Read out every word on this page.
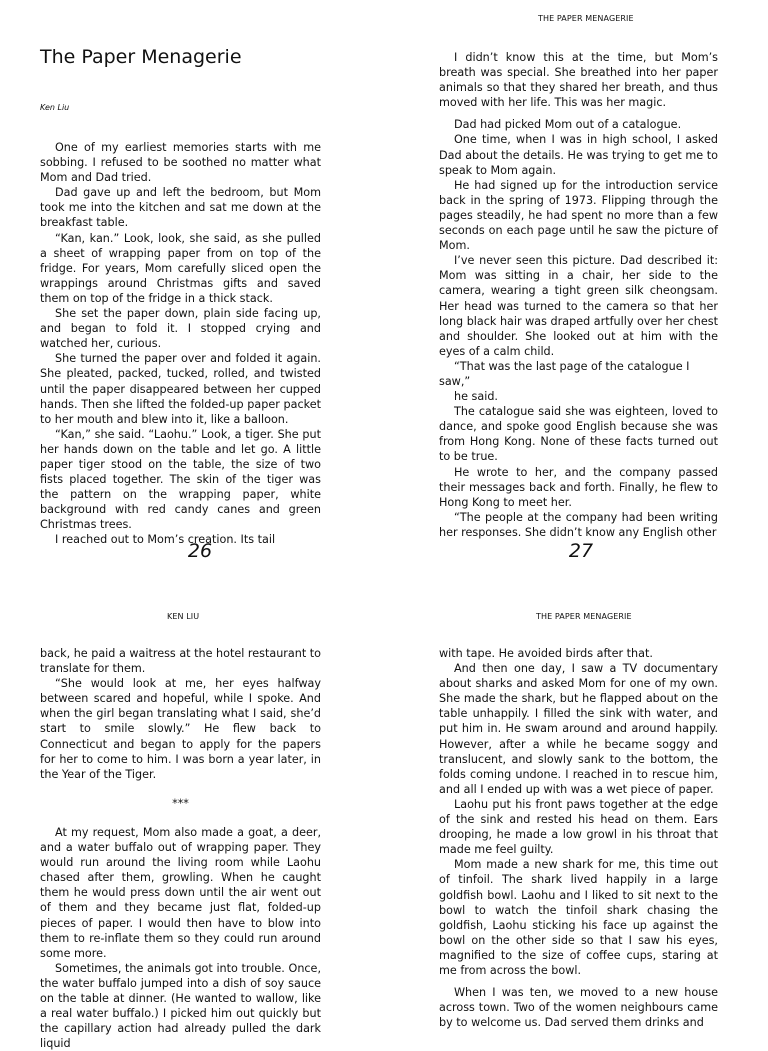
The Paper Menagerie
Ken Liu

One of my earliest memories starts with me sobbing. I refused to be soothed no matter what Mom and Dad tried.

Dad gave up and left the bedroom, but Mom took me into the kitchen and sat me down at the breakfast table.

“Kan, kan.” Look, look, she said, as she pulled a sheet of wrapping paper from on top of the fridge. For years, Mom carefully sliced open the wrappings around Christmas gifts and saved them on top of the fridge in a thick stack.

She set the paper down, plain side facing up, and began to fold it. I stopped crying and watched her, curious.

She turned the paper over and folded it again. She pleated, packed, tucked, rolled, and twisted until the paper disappeared between her cupped hands. Then she lifted the folded-up paper packet to her mouth and blew into it, like a balloon.

“Kan,” she said. “Laohu.” Look, a tiger. She put her hands down on the table and let go. A little paper tiger stood on the table, the size of two fists placed together. The skin of the tiger was the pattern on the wrapping paper, white background with red candy canes and green Christmas trees.

I reached out to Mom’s creation. Its tail

26
THE PAPER MENAGERIE

I didn’t know this at the time, but Mom’s breath was special. She breathed into her paper animals so that they shared her breath, and thus moved with her life. This was her magic.

Dad had picked Mom out of a catalogue.

One time, when I was in high school, I asked Dad about the details. He was trying to get me to speak to Mom again.

He had signed up for the introduction service back in the spring of 1973. Flipping through the pages steadily, he had spent no more than a few seconds on each page until he saw the picture of Mom.

I’ve never seen this picture. Dad described it: Mom was sitting in a chair, her side to the camera, wearing a tight green silk cheongsam. Her head was turned to the camera so that her long black hair was draped artfully over her chest and shoulder. She looked out at him with the eyes of a calm child.

“That was the last page of the catalogue I saw,”

he said.

The catalogue said she was eighteen, loved to dance, and spoke good English because she was from Hong Kong. None of these facts turned out to be true.

He wrote to her, and the company passed their messages back and forth. Finally, he flew to Hong Kong to meet her.

“The people at the company had been writing her responses. She didn’t know any English other

27
KEN LIU

back, he paid a waitress at the hotel restaurant to translate for them.

“She would look at me, her eyes halfway between scared and hopeful, while I spoke. And when the girl began translating what I said, she’d start to smile slowly.” He flew back to Connecticut and began to apply for the papers for her to come to him. I was born a year later, in the Year of the Tiger.

***

At my request, Mom also made a goat, a deer, and a water buffalo out of wrapping paper. They would run around the living room while Laohu chased after them, growling. When he caught them he would press down until the air went out of them and they became just flat, folded-up pieces of paper. I would then have to blow into them to re-inflate them so they could run around some more.

Sometimes, the animals got into trouble. Once, the water buffalo jumped into a dish of soy sauce on the table at dinner. (He wanted to wallow, like a real water buffalo.) I picked him out quickly but the capillary action had already pulled the dark liquid

THE PAPER MENAGERIE

with tape. He avoided birds after that.

And then one day, I saw a TV documentary about sharks and asked Mom for one of my own. She made the shark, but he flapped about on the table unhappily. I filled the sink with water, and put him in. He swam around and around happily. However, after a while he became soggy and translucent, and slowly sank to the bottom, the folds coming undone. I reached in to rescue him, and all I ended up with was a wet piece of paper.

Laohu put his front paws together at the edge of the sink and rested his head on them. Ears drooping, he made a low growl in his throat that made me feel guilty.

Mom made a new shark for me, this time out of tinfoil. The shark lived happily in a large goldfish bowl. Laohu and I liked to sit next to the bowl to watch the tinfoil shark chasing the goldfish, Laohu sticking his face up against the bowl on the other side so that I saw his eyes, magnified to the size of coffee cups, staring at me from across the bowl.

When I was ten, we moved to a new house across town. Two of the women neighbours came by to welcome us. Dad served them drinks and
